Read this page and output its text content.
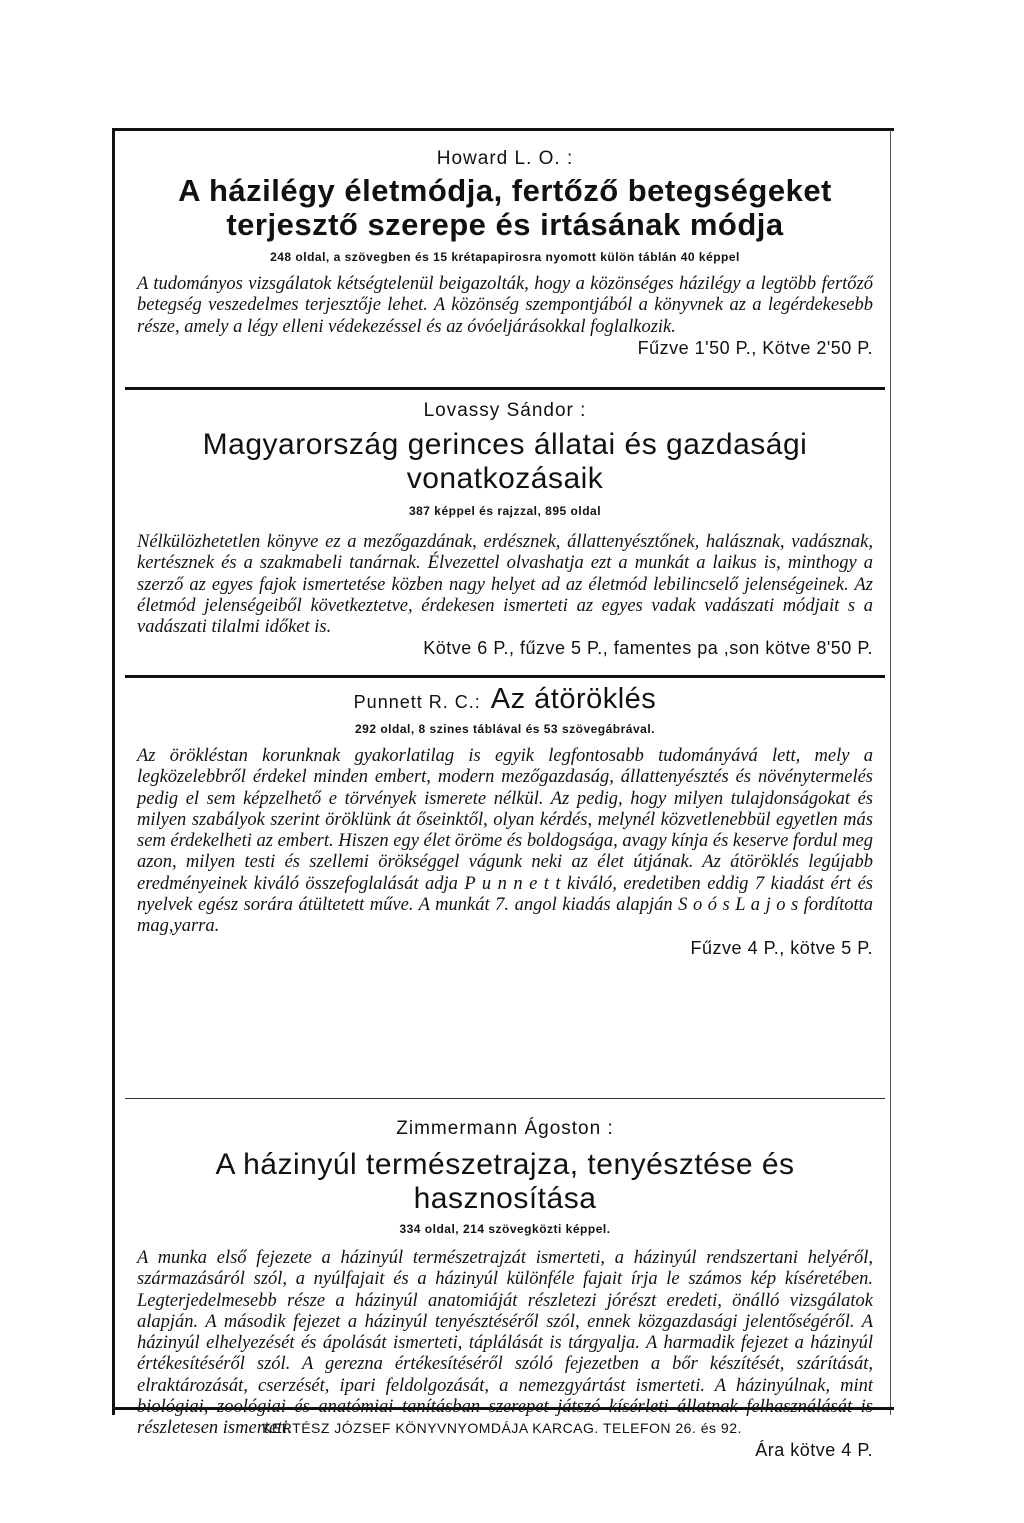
Howard L. O. :
A házilégy életmódja, fertőző betegségeket terjesztő szerepe és irtásának módja
248 oldal, a szövegben és 15 krétapapirosra nyomott külön táblán 40 képpel
A tudományos vizsgálatok kétségtelenül beigazolták, hogy a közönséges házilégy a legtöbb fertőző betegség veszedelmes terjesztője lehet. A közönség szempontjából a könyvnek az a legérdekesebb része, amely a légy elleni védekezéssel és az óvóeljárásokkal foglalkozik.
Fűzve 1'50 P., Kötve 2'50 P.
Lovassy Sándor :
Magyarország gerinces állatai és gazdasági vonatkozásaik
387 képpel és rajzzal, 895 oldal
Nélkülözhetetlen könyve ez a mezőgazdának, erdésznek, állattenyésztőnek, halásznak, vadásznak, kertésznek és a szakmabeli tanárnak. Élvezettel olvashatja ezt a munkát a laikus is, minthogy a szerző az egyes fajok ismertetése közben nagy helyet ad az életmód lebilincselő jelenségeinek. Az életmód jelenségeiből következtetve, érdekesen ismerteti az egyes vadak vadászati módjait s a vadászati tilalmi időket is.
Kötve 6 P., fűzve 5 P., famentes pa ,son kötve 8'50 P.
Punnett R. C.: Az átöröklés
292 oldal, 8 szines táblával és 53 szövegábrával.
Az örökléstan korunknak gyakorlatilag is egyik legfontosabb tudományává lett, mely a legközelebbről érdekel minden embert, modern mezőgazdaság, állattenyésztés és növénytermelés pedig el sem képzelhető e törvények ismerete nélkül. Az pedig, hogy milyen tulajdonságokat és milyen szabályok szerint öröklünk át őseinktől, olyan kérdés, melynél közvetlenebbül egyetlen más sem érdekelheti az embert. Hiszen egy élet öröme és boldogsága, avagy kínja és keserve fordul meg azon, milyen testi és szellemi örökséggel vágunk neki az élet útjának. Az átöröklés legújabb eredményeinek kiváló összefoglalását adja P u n n e t t kiváló, eredetiben eddig 7 kiadást ért és nyelvek egész sorára átültetett műve. A munkát 7. angol kiadás alapján S o ó s L a j o s fordította mag,yarra.
Fűzve 4 P., kötve 5 P.
Zimmermann Ágoston :
A házinyúl természetrajza, tenyésztése és hasznosítása
334 oldal, 214 szövegközti képpel.
A munka első fejezete a házinyúl természetrajzát ismerteti, a házinyúl rendszertani helyéről, származásáról szól, a nyúlfajait és a házinyúl különféle fajait írja le számos kép kíséretében. Legterjedelmesebb része a házinyúl anatomiáját részletezi jórészt eredeti, önálló vizsgálatok alapján. A második fejezet a házinyúl tenyésztéséről szól, ennek közgazdasági jelentőségéről. A házinyúl elhelyezését és ápolását ismerteti, táplálását is tárgyalja. A harmadik fejezet a házinyúl értékesítéséről szól. A gerezna értékesítéséről szóló fejezetben a bőr készítését, szárítását, elraktározását, cserzését, ipari feldolgozását, a nemezgyártást ismerteti. A házinyúlnak, mint biológiai, zoológiai és anatómiai tanításban szerepet játszó kísérleti állatnak felhasználását is részletesen ismerteti.
Ára kötve 4 P.
KERTÉSZ JÓZSEF KÖNYVNYOMDÁJA KARCAG. TELEFON 26. és 92.
